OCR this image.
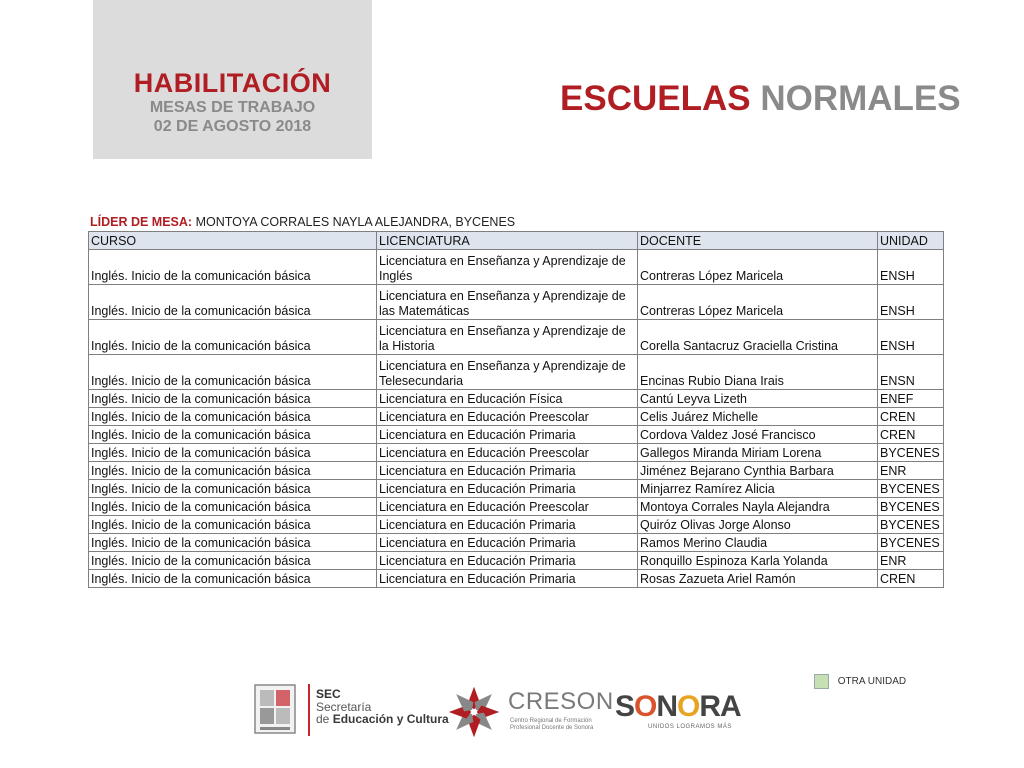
HABILITACIÓN
MESAS DE TRABAJO
02 DE AGOSTO 2018
ESCUELAS NORMALES
LÍDER DE MESA: MONTOYA CORRALES NAYLA ALEJANDRA, BYCENES
CURSO	LICENCIATURA	DOCENTE	UNIDAD
Inglés. Inicio de la comunicación básica	Licenciatura en Enseñanza y Aprendizaje de Inglés	Contreras López Maricela	ENSH
Inglés. Inicio de la comunicación básica	Licenciatura en Enseñanza y Aprendizaje de las Matemáticas	Contreras López Maricela	ENSH
Inglés. Inicio de la comunicación básica	Licenciatura en Enseñanza y Aprendizaje de la Historia	Corella Santacruz Graciella Cristina	ENSH
Inglés. Inicio de la comunicación básica	Licenciatura en Enseñanza y Aprendizaje de Telesecundaria	Encinas Rubio Diana Irais	ENSN
Inglés. Inicio de la comunicación básica	Licenciatura en Educación Física	Cantú Leyva Lizeth	ENEF
Inglés. Inicio de la comunicación básica	Licenciatura en Educación Preescolar	Celis Juárez Michelle	CREN
Inglés. Inicio de la comunicación básica	Licenciatura en Educación Primaria	Cordova Valdez José Francisco	CREN
Inglés. Inicio de la comunicación básica	Licenciatura en Educación Preescolar	Gallegos Miranda Miriam Lorena	BYCENES
Inglés. Inicio de la comunicación básica	Licenciatura en Educación Primaria	Jiménez Bejarano Cynthia Barbara	ENR
Inglés. Inicio de la comunicación básica	Licenciatura en Educación Primaria	Minjarrez Ramírez Alicia	BYCENES
Inglés. Inicio de la comunicación básica	Licenciatura en Educación Preescolar	Montoya Corrales Nayla Alejandra	BYCENES
Inglés. Inicio de la comunicación básica	Licenciatura en Educación Primaria	Quiróz Olivas Jorge Alonso	BYCENES
Inglés. Inicio de la comunicación básica	Licenciatura en Educación Primaria	Ramos Merino Claudia	BYCENES
Inglés. Inicio de la comunicación básica	Licenciatura en Educación Primaria	Ronquillo Espinoza Karla Yolanda	ENR
Inglés. Inicio de la comunicación básica	Licenciatura en Educación Primaria	Rosas Zazueta Ariel Ramón	CREN
OTRA UNIDAD
SEC
Secretaría
de Educación y Cultura
CRESON
Centro Regional de Formación Profesional Docente de Sonora
SONORA
UNIDOS LOGRAMOS MÁS
